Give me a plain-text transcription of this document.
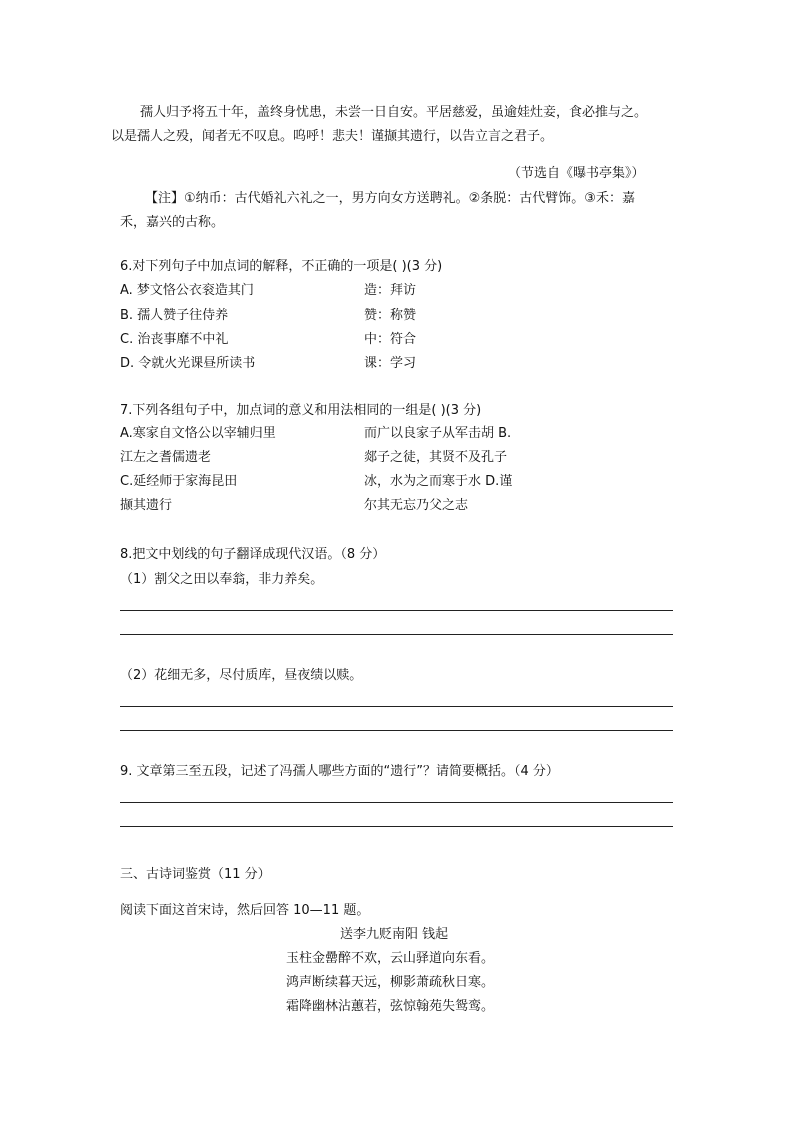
孺人归予将五十年，盖终身忧患，未尝一日自安。平居慈爱，虽逾娃灶妾，食必推与之。
以是孺人之殁，闻者无不叹息。呜呼！悲夫！谨撷其遗行，以告立言之君子。
（节选自《曝书亭集》）
【注】①纳币：古代婚礼六礼之一，男方向女方送聘礼。②条脱：古代臂饰。③禾：嘉
禾，嘉兴的古称。
6.对下列句子中加点词的解释，不正确的一项是( )(3 分)
A. 梦文恪公衣衮造其门	造：拜访
B. 孺人赞子往侍养	赞：称赞
C. 治丧事靡不中礼	中：符合
D. 令就火光课昼所读书	课：学习
7.下列各组句子中，加点词的意义和用法相同的一组是( )(3 分)
A.寒家自文恪公以宰辅归里	而广以良家子从军击胡 B.
江左之耆儒遗老	郯子之徒，其贤不及孔子
C.延经师于家海昆田	冰，水为之而寒于水 D.谨
撷其遗行	尔其无忘乃父之志
8.把文中划线的句子翻译成现代汉语。（8 分）
（1）割父之田以奉翁，非力养矣。
（2）花细无多，尽付质库，昼夜绩以赎。
9. 文章第三至五段，记述了冯孺人哪些方面的“遗行”？请简要概括。（4 分）
三、古诗词鉴赏（11 分）
阅读下面这首宋诗，然后回答 10—11 题。
送李九贬南阳 钱起
玉柱金罍醉不欢，云山驿道向东看。
鸿声断续暮天远，柳影萧疏秋日寒。
霜降幽林沾蕙若，弦惊翰苑失鸳鸾。
